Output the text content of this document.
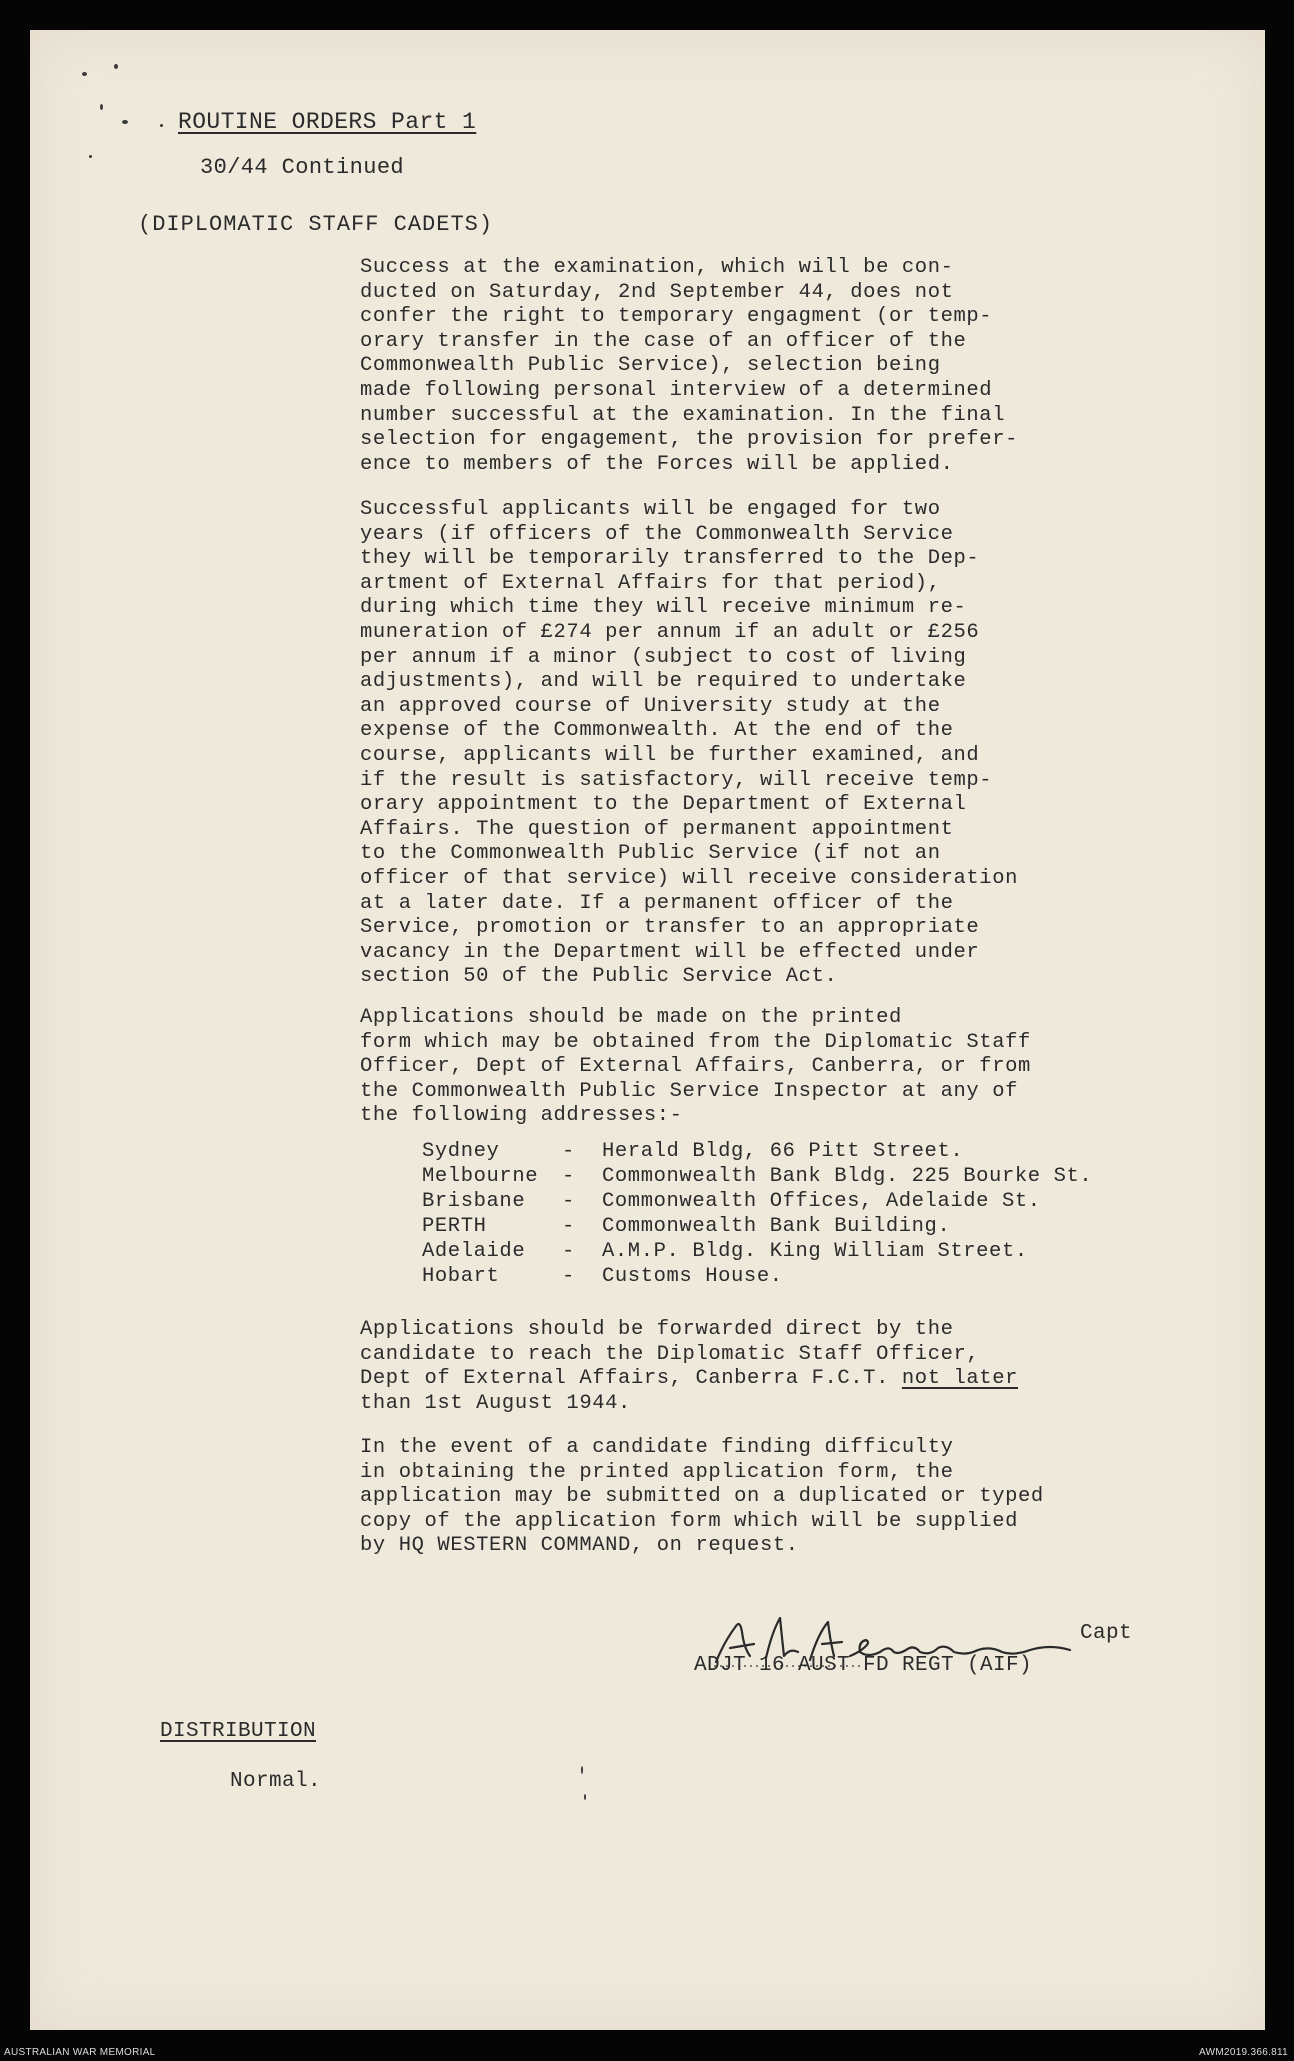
ROUTINE ORDERS Part 1
30/44 Continued
(DIPLOMATIC STAFF CADETS)
Success at the examination, which will be con-
ducted on Saturday, 2nd September 44, does not
confer the right to temporary engagment (or temp-
orary transfer in the case of an officer of the
Commonwealth Public Service), selection being
made following personal interview of a determined
number successful at the examination. In the final
selection for engagement, the provision for prefer-
ence to members of the Forces will be applied.
Successful applicants will be engaged for two
years (if officers of the Commonwealth Service
they will be temporarily transferred to the Dep-
artment of External Affairs for that period),
during which time they will receive minimum re-
muneration of £274 per annum if an adult or £256
per annum if a minor (subject to cost of living
adjustments), and will be required to undertake
an approved course of University study at the
expense of the Commonwealth. At the end of the
course, applicants will be further examined, and
if the result is satisfactory, will receive temp-
orary appointment to the Department of External
Affairs. The question of permanent appointment
to the Commonwealth Public Service (if not an
officer of that service) will receive consideration
at a later date. If a permanent officer of the
Service, promotion or transfer to an appropriate
vacancy in the Department will be effected under
section 50 of the Public Service Act.
Applications should be made on the printed
form which may be obtained from the Diplomatic Staff
Officer, Dept of External Affairs, Canberra, or from
the Commonwealth Public Service Inspector at any of
the following addresses:-
Sydney	-	Herald Bldg, 66 Pitt Street.
Melbourne	-	Commonwealth Bank Bldg. 225 Bourke St.
Brisbane	-	Commonwealth Offices, Adelaide St.
PERTH	-	Commonwealth Bank Building.
Adelaide	-	A.M.P. Bldg. King William Street.
Hobart	-	Customs House.
Applications should be forwarded direct by the
candidate to reach the Diplomatic Staff Officer,
Dept of External Affairs, Canberra F.C.T. not later
than 1st August 1944.
In the event of a candidate finding difficulty
in obtaining the printed application form, the
application may be submitted on a duplicated or typed
copy of the application form which will be supplied
by HQ WESTERN COMMAND, on request.
Capt
ADJT 16 AUST FD REGT (AIF)
DISTRIBUTION
Normal.
AUSTRALIAN WAR MEMORIAL	AWM2019.366.811
